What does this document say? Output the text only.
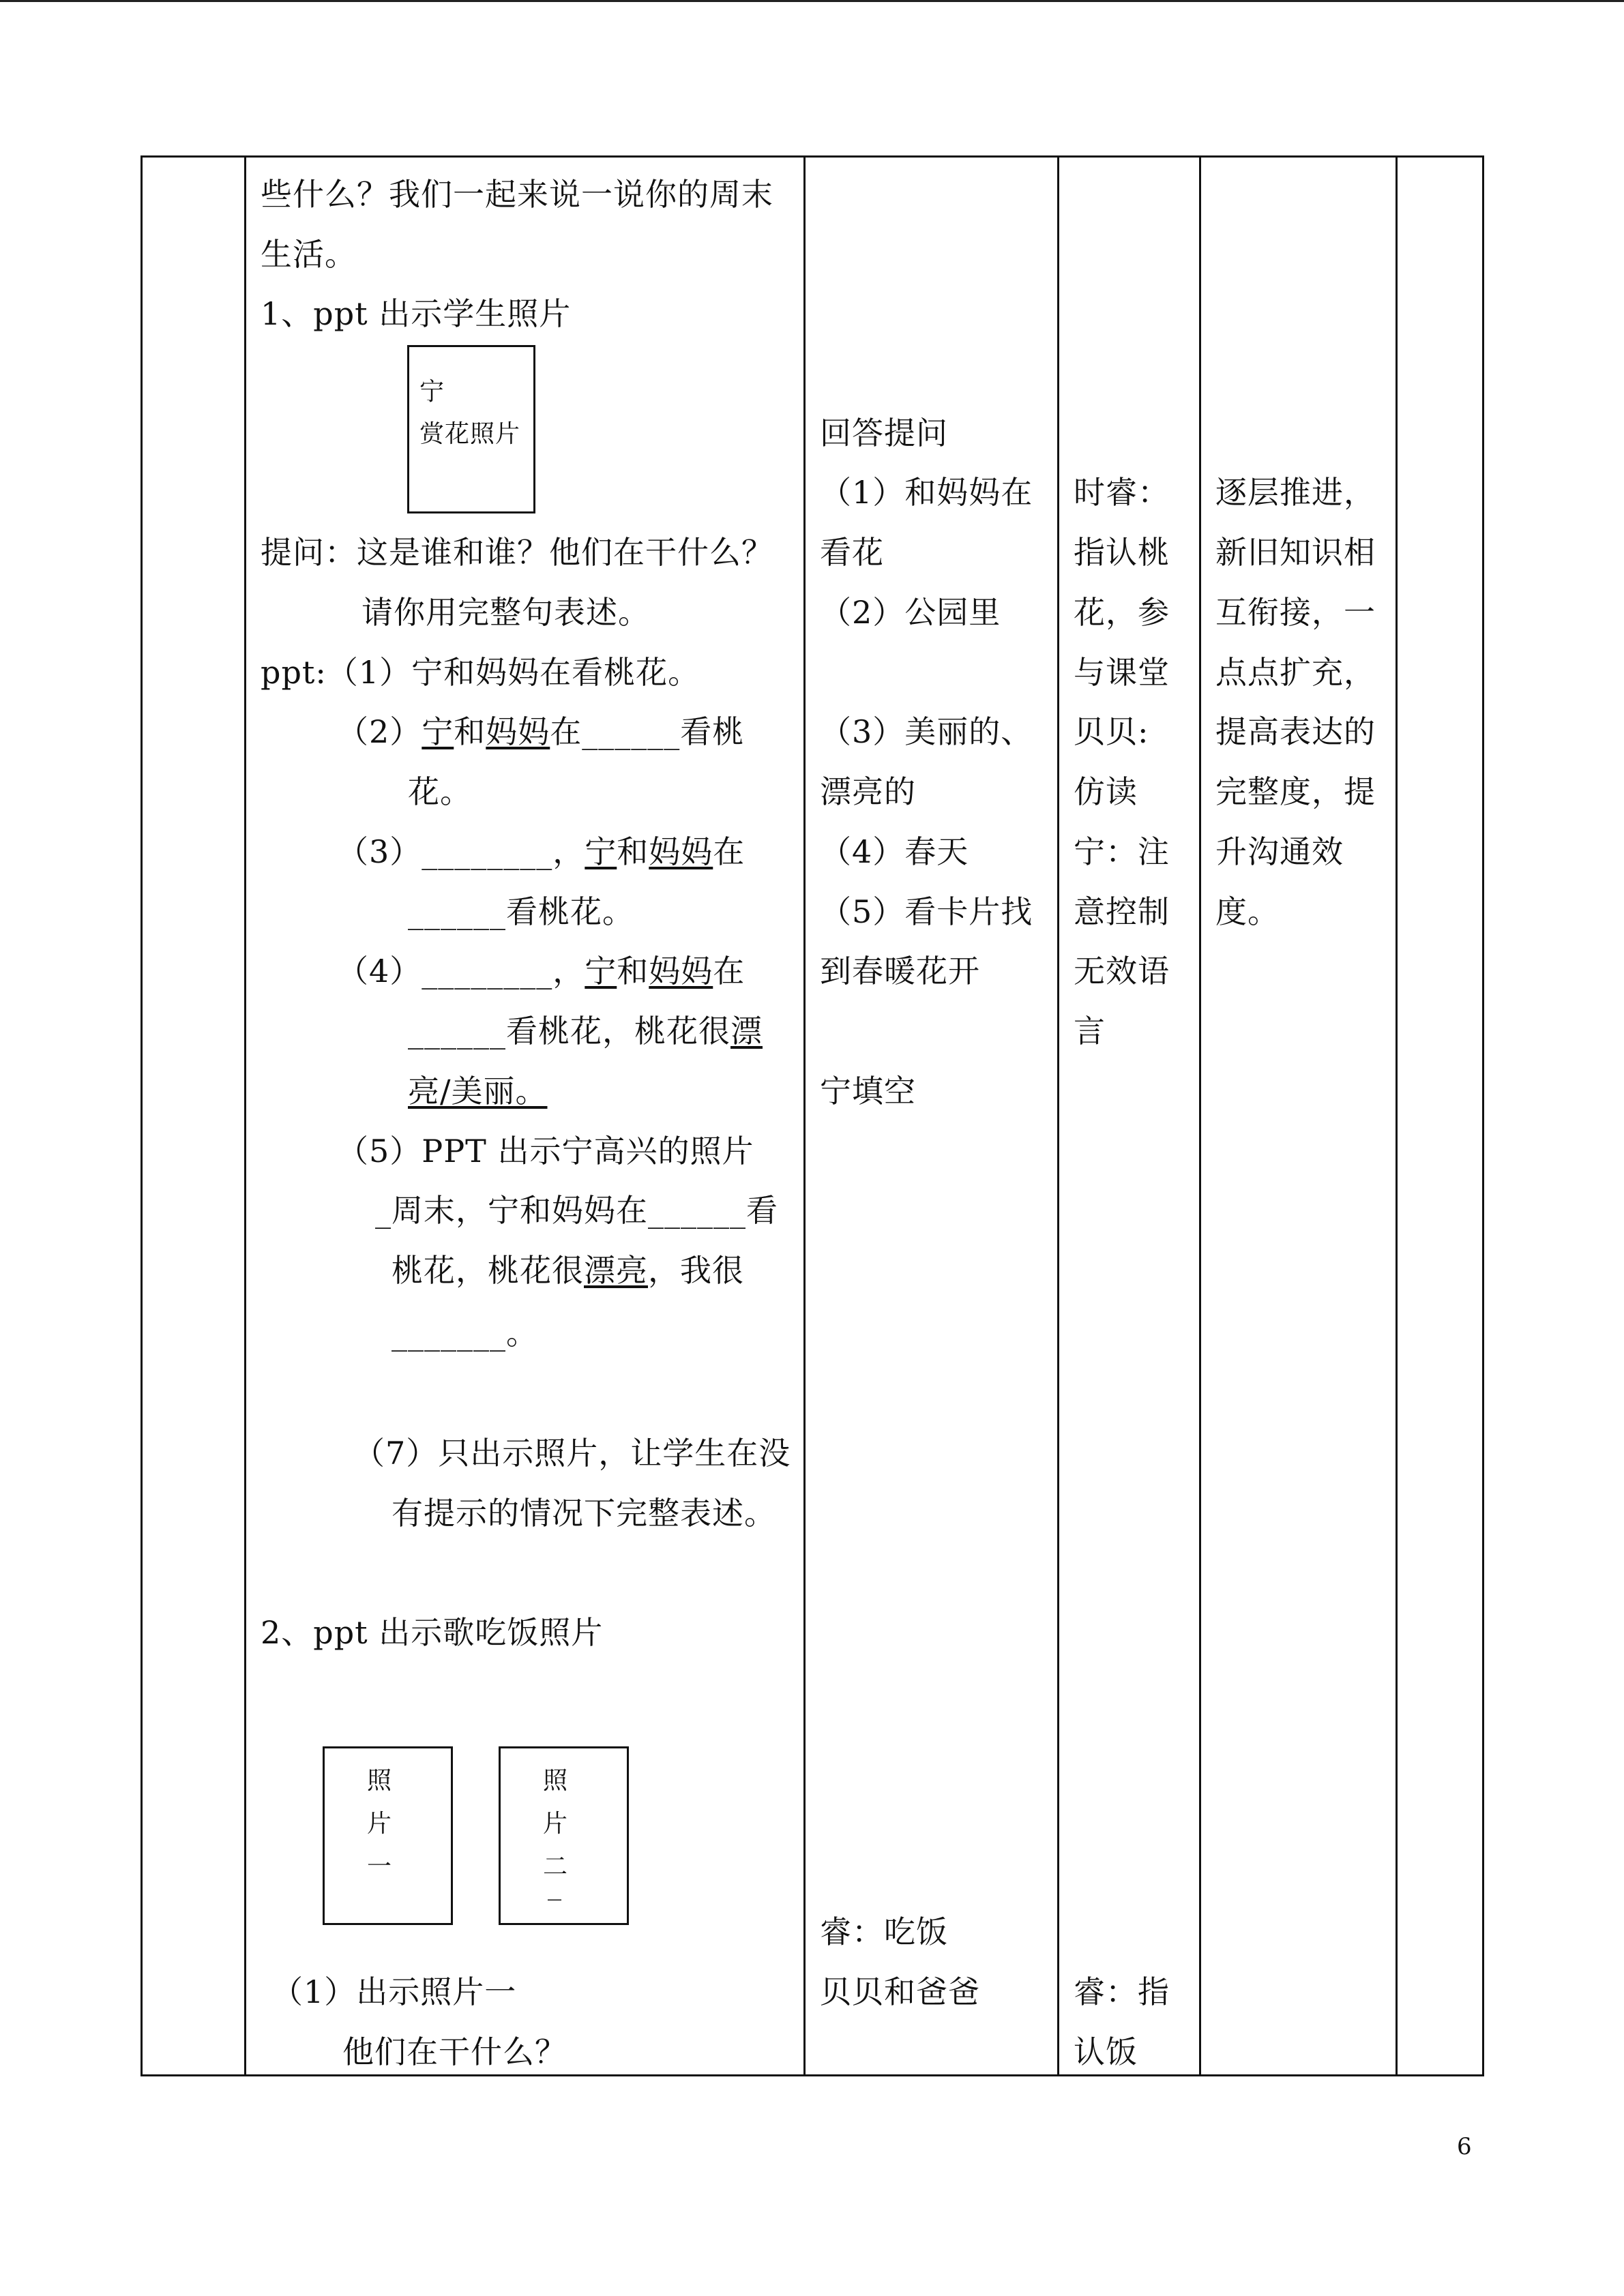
些什么？我们一起来说一说你的周末
生活。
1、ppt 出示学生照片
宁
赏花照片
提问：这是谁和谁？他们在干什么？
请你用完整句表述。
ppt:（1）宁和妈妈在看桃花。
（2）宁和妈妈在______看桃
花。
（3）________，宁和妈妈在
______看桃花。
（4）________，宁和妈妈在
______看桃花，桃花很漂
亮/美丽。
（5）PPT 出示宁高兴的照片
_周末，宁和妈妈在______看
桃花，桃花很漂亮，我很
_______。
（7）只出示照片，让学生在没
有提示的情况下完整表述。
2、ppt 出示歌吃饭照片
照
片
一
照
片
二
—
（1）出示照片一
他们在干什么？
回答提问
（1）和妈妈在
看花
（2）公园里
（3）美丽的、
漂亮的
（4）春天
（5）看卡片找
到春暖花开
宁填空
睿：吃饭
贝贝和爸爸
时睿：
指认桃
花，参
与课堂
贝贝:
仿读
宁：注
意控制
无效语
言
睿：指
认饭
逐层推进，
新旧知识相
互衔接，一
点点扩充，
提高表达的
完整度，提
升沟通效
度。
6
